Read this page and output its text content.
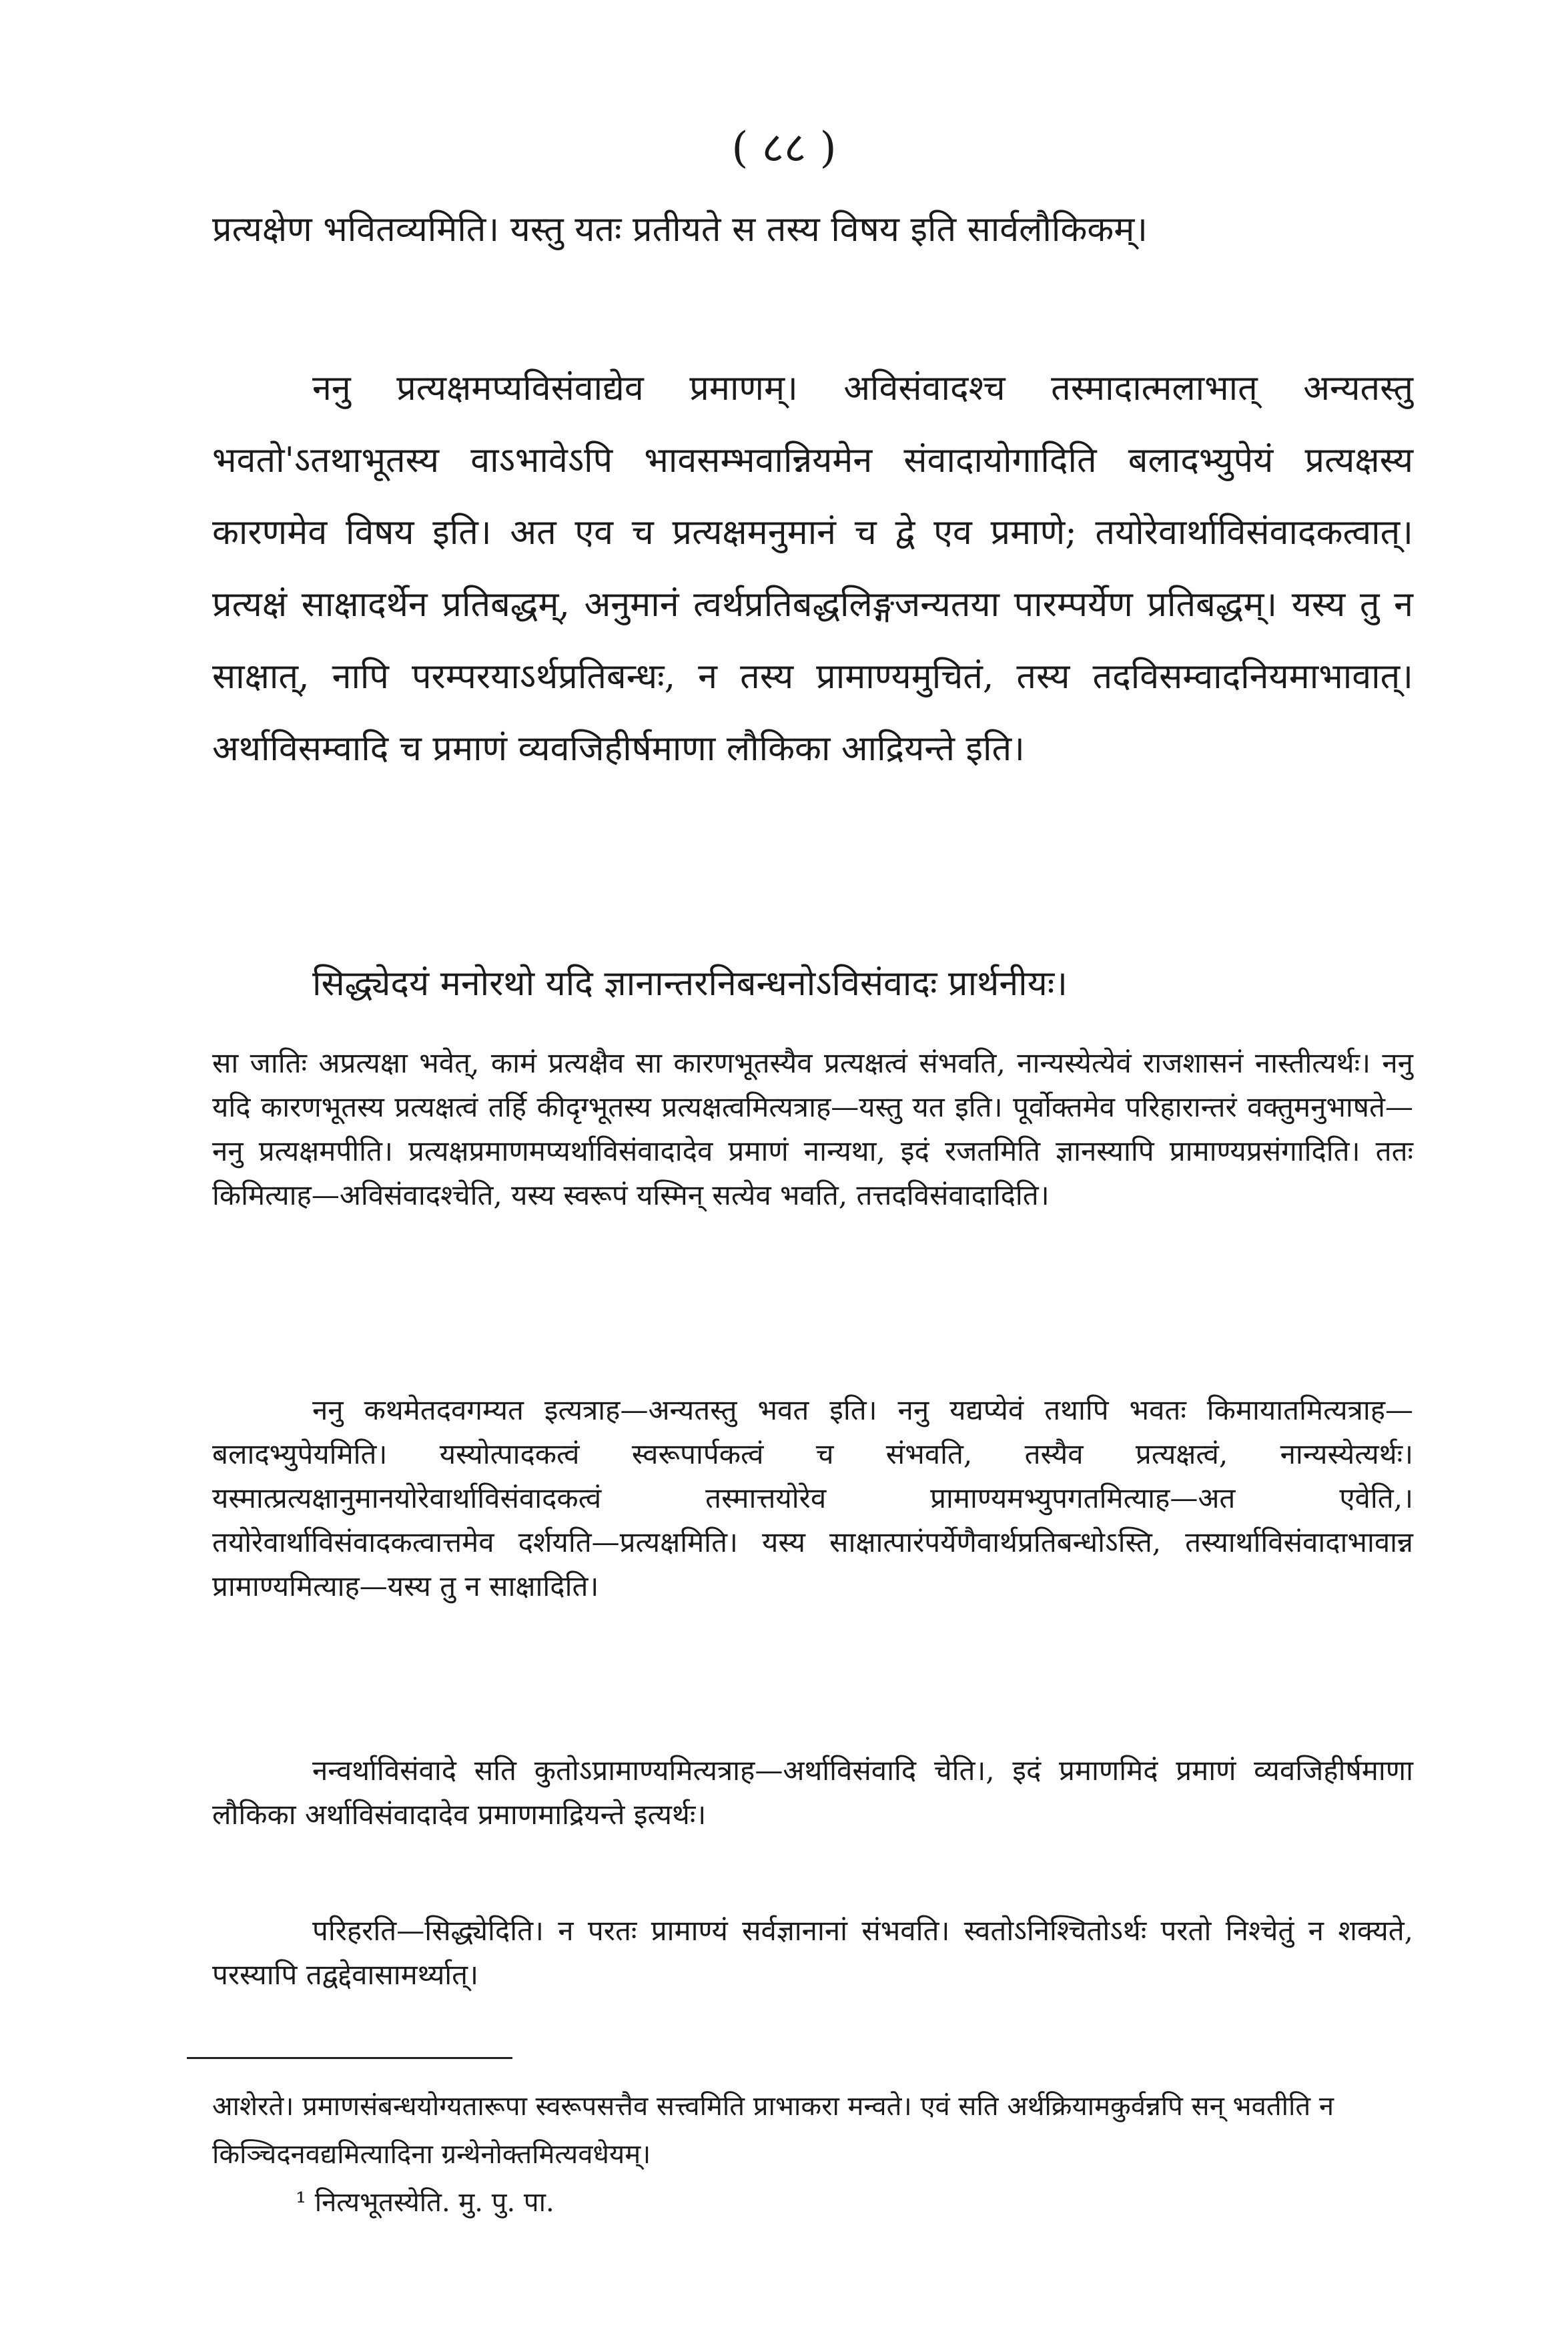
( ८८ )

प्रत्यक्षेण भवितव्यमिति। यस्तु यतः प्रतीयते स तस्य विषय इति सार्वलौकिकम्।

ननु प्रत्यक्षमप्यविसंवाद्येव प्रमाणम्। अविसंवादश्च तस्मादात्मलाभात् अन्यतस्तु भवतो'ऽतथाभूतस्य वाऽभावेऽपि भावसम्भवान्नियमेन संवादायोगादिति बलादभ्युपेयं प्रत्यक्षस्य कारणमेव विषय इति। अत एव च प्रत्यक्षमनुमानं च द्वे एव प्रमाणे; तयोरेवार्थाविसंवादकत्वात्। प्रत्यक्षं साक्षादर्थेन प्रतिबद्धम्, अनुमानं त्वर्थप्रतिबद्धलिङ्गजन्यतया पारम्पर्येण प्रतिबद्धम्। यस्य तु न साक्षात्, नापि परम्परयाऽर्थप्रतिबन्धः, न तस्य प्रामाण्यमुचितं, तस्य तदविसम्वादनियमाभावात्। अर्थाविसम्वादि च प्रमाणं व्यवजिहीर्षमाणा लौकिका आद्रियन्ते इति।

सिद्ध्येदयं मनोरथो यदि ज्ञानान्तरनिबन्धनोऽविसंवादः प्रार्थनीयः।

सा जातिः अप्रत्यक्षा भवेत्, कामं प्रत्यक्षैव सा कारणभूतस्यैव प्रत्यक्षत्वं संभवति, नान्यस्येत्येवं राजशासनं नास्तीत्यर्थः। ननु यदि कारणभूतस्य प्रत्यक्षत्वं तर्हि कीदृग्भूतस्य प्रत्यक्षत्वमित्यत्राह—यस्तु यत इति। पूर्वोक्तमेव परिहारान्तरं वक्तुमनुभाषते—ननु प्रत्यक्षमपीति। प्रत्यक्षप्रमाणमप्यर्थाविसंवादादेव प्रमाणं नान्यथा, इदं रजतमिति ज्ञानस्यापि प्रामाण्यप्रसंगादिति। ततः किमित्याह—अविसंवादश्चेति, यस्य स्वरूपं यस्मिन् सत्येव भवति, तत्तदविसंवादादिति।

ननु कथमेतदवगम्यत इत्यत्राह—अन्यतस्तु भवत इति। ननु यद्यप्येवं तथापि भवतः किमायातमित्यत्राह—बलादभ्युपेयमिति। यस्योत्पादकत्वं स्वरूपार्पकत्वं च संभवति, तस्यैव प्रत्यक्षत्वं, नान्यस्येत्यर्थः। यस्मात्प्रत्यक्षानुमानयोरेवार्थाविसंवादकत्वं तस्मात्तयोरेव प्रामाण्यमभ्युपगतमित्याह—अत एवेति,। तयोरेवार्थाविसंवादकत्वात्तमेव दर्शयति—प्रत्यक्षमिति। यस्य साक्षात्पारंपर्येणैवार्थप्रतिबन्धोऽस्ति, तस्यार्थाविसंवादाभावान्न प्रामाण्यमित्याह—यस्य तु न साक्षादिति।

नन्वर्थाविसंवादे सति कुतोऽप्रामाण्यमित्यत्राह—अर्थाविसंवादि चेति।, इदं प्रमाणमिदं प्रमाणं व्यवजिहीर्षमाणा लौकिका अर्थाविसंवादादेव प्रमाणमाद्रियन्ते इत्यर्थः।

परिहरति—सिद्ध्येदिति। न परतः प्रामाण्यं सर्वज्ञानानां संभवति। स्वतोऽनिश्चितोऽर्थः परतो निश्चेतुं न शक्यते, परस्यापि तद्वद्देवासामर्थ्यात्।

आशेरते। प्रमाणसंबन्धयोग्यतारूपा स्वरूपसत्तैव सत्त्वमिति प्राभाकरा मन्वते। एवं सति अर्थक्रियामकुर्वन्नपि सन् भवतीति न किञ्चिदनवद्यमित्यादिना ग्रन्थेनोक्तमित्यवधेयम्।

¹ नित्यभूतस्येति. मु. पु. पा.
